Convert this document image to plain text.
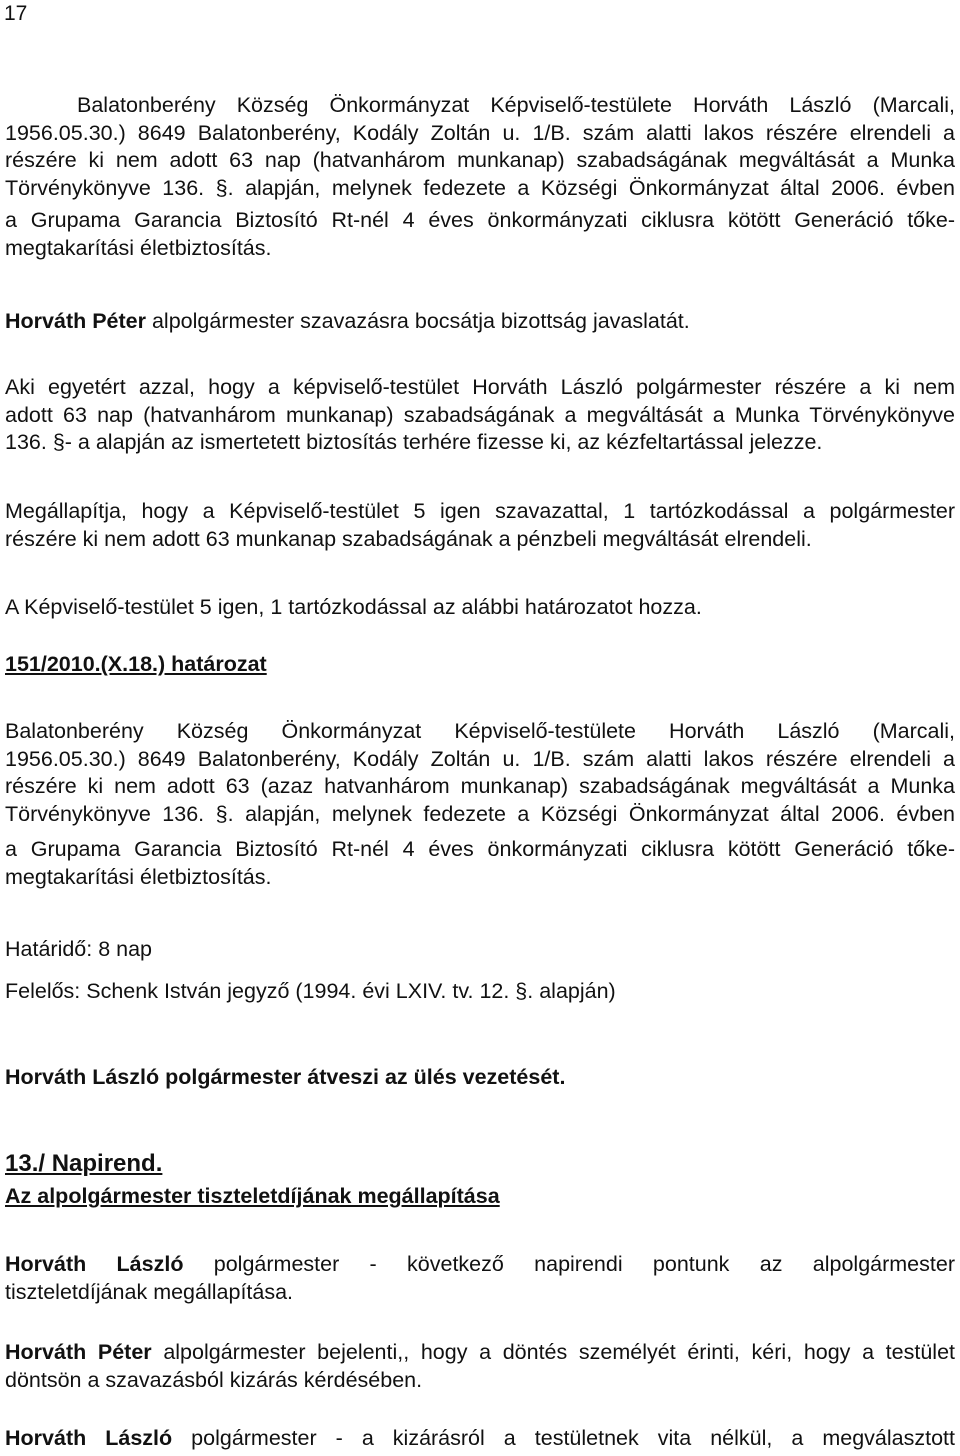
17
Balatonberény Község Önkormányzat Képviselő-testülete Horváth László (Marcali,
1956.05.30.) 8649 Balatonberény, Kodály Zoltán u. 1/B. szám alatti lakos részére elrendeli a
részére ki nem adott 63 nap (hatvanhárom munkanap) szabadságának megváltását a Munka
Törvénykönyve 136. §. alapján, melynek fedezete a Községi Önkormányzat által 2006. évben
a Grupama Garancia Biztosító Rt-nél 4 éves önkormányzati ciklusra kötött Generáció tőke-
megtakarítási életbiztosítás.
Horváth Péter alpolgármester szavazásra bocsátja bizottság javaslatát.
Aki egyetért azzal, hogy a képviselő-testület Horváth László polgármester részére a ki nem
adott 63 nap (hatvanhárom munkanap) szabadságának a megváltását a Munka Törvénykönyve
136. §- a alapján az ismertetett biztosítás terhére fizesse ki, az kézfeltartással jelezze.
Megállapítja, hogy a Képviselő-testület 5 igen szavazattal, 1 tartózkodással a polgármester
részére ki nem adott 63 munkanap szabadságának a pénzbeli megváltását elrendeli.
A Képviselő-testület 5 igen, 1 tartózkodással az alábbi határozatot hozza.
151/2010.(X.18.) határozat
Balatonberény Község Önkormányzat Képviselő-testülete Horváth László (Marcali,
1956.05.30.) 8649 Balatonberény, Kodály Zoltán u. 1/B. szám alatti lakos részére elrendeli a
részére ki nem adott 63 (azaz hatvanhárom munkanap) szabadságának megváltását a Munka
Törvénykönyve 136. §. alapján, melynek fedezete a Községi Önkormányzat által 2006. évben
a Grupama Garancia Biztosító Rt-nél 4 éves önkormányzati ciklusra kötött Generáció tőke-
megtakarítási életbiztosítás.
Határidő: 8 nap
Felelős: Schenk István jegyző (1994. évi LXIV. tv. 12. §. alapján)
Horváth László polgármester átveszi az ülés vezetését.
13./ Napirend.
Az alpolgármester tiszteletdíjának megállapítása
Horváth László polgármester - következő napirendi pontunk az alpolgármester
tiszteletdíjának megállapítása.
Horváth Péter alpolgármester bejelenti,, hogy a döntés személyét érinti, kéri, hogy a testület
döntsön a szavazásból kizárás kérdésében.
Horváth László polgármester - a kizárásról a testületnek vita nélkül, a megválasztott
